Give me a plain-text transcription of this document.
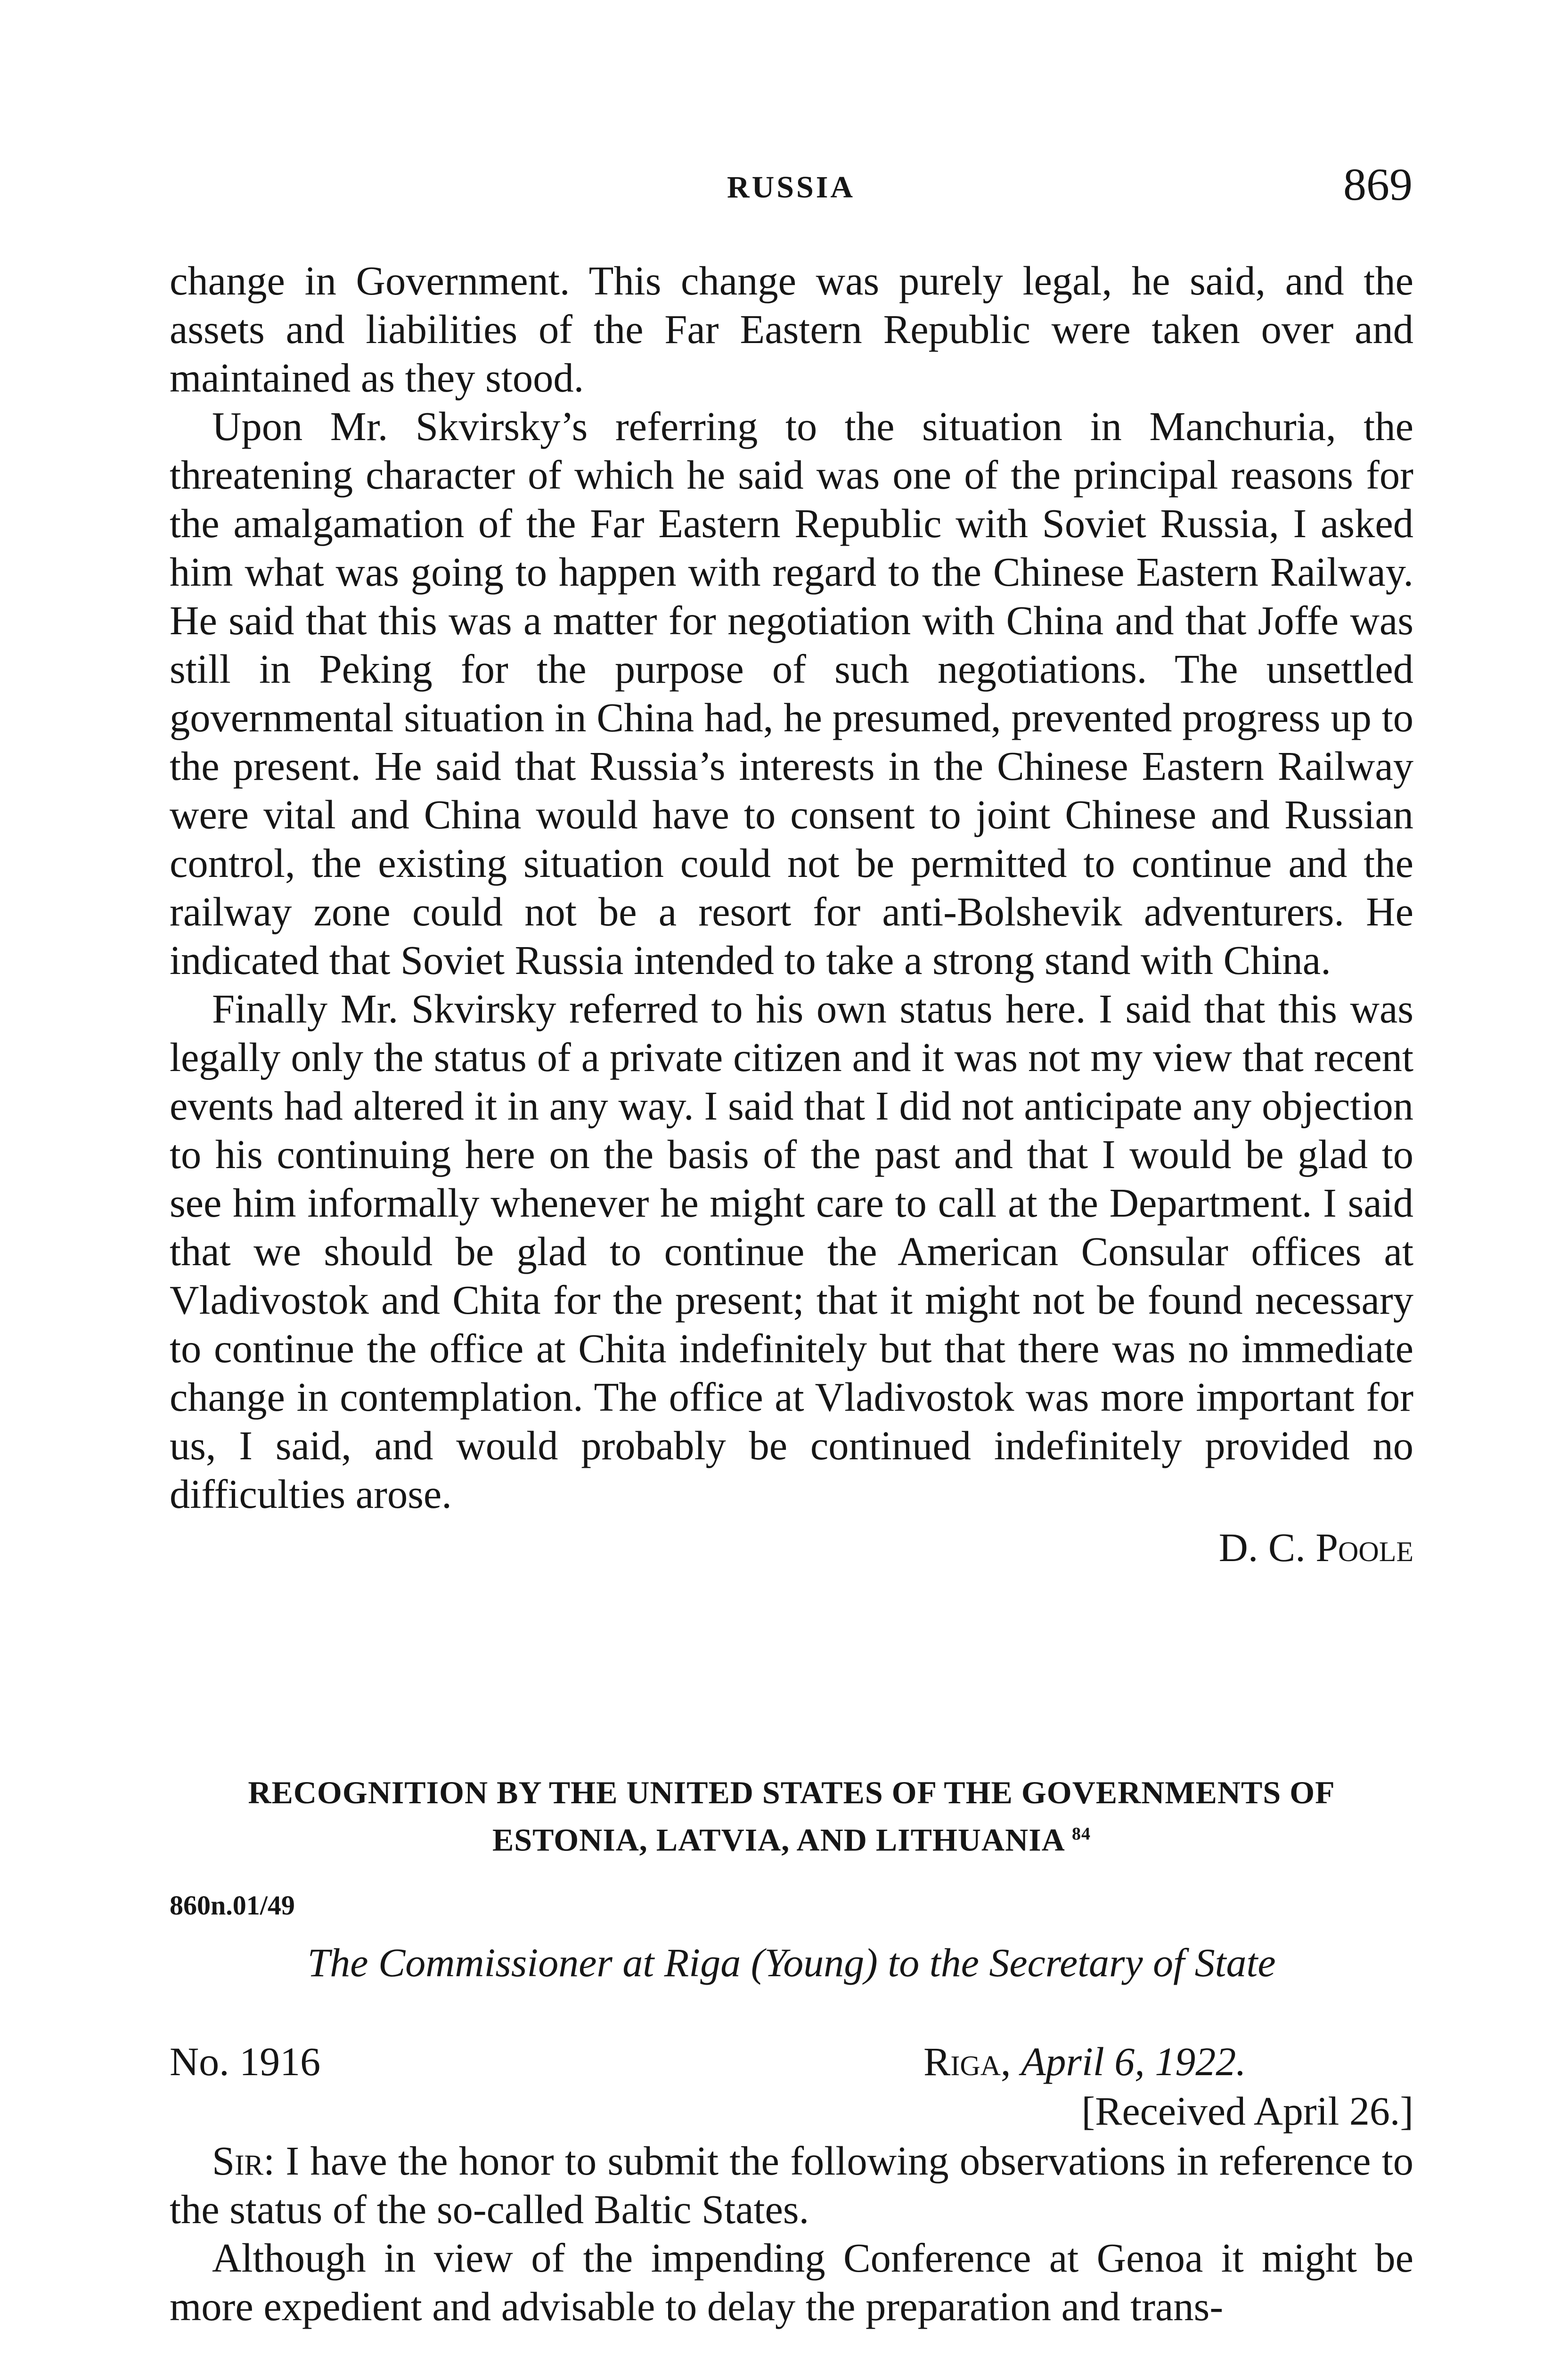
RUSSIA	869

change in Government. This change was purely legal, he said, and the assets and liabilities of the Far Eastern Republic were taken over and maintained as they stood.

Upon Mr. Skvirsky’s referring to the situation in Manchuria, the threatening character of which he said was one of the principal reasons for the amalgamation of the Far Eastern Republic with Soviet Russia, I asked him what was going to happen with regard to the Chinese Eastern Railway. He said that this was a matter for negotiation with China and that Joffe was still in Peking for the purpose of such negotiations. The unsettled governmental situation in China had, he presumed, prevented progress up to the present. He said that Russia’s interests in the Chinese Eastern Railway were vital and China would have to consent to joint Chinese and Russian control, the existing situation could not be permitted to continue and the railway zone could not be a resort for anti-Bolshevik adventurers. He indicated that Soviet Russia intended to take a strong stand with China.

Finally Mr. Skvirsky referred to his own status here. I said that this was legally only the status of a private citizen and it was not my view that recent events had altered it in any way. I said that I did not anticipate any objection to his continuing here on the basis of the past and that I would be glad to see him informally whenever he might care to call at the Department. I said that we should be glad to continue the American Consular offices at Vladivostok and Chita for the present; that it might not be found necessary to continue the office at Chita indefinitely but that there was no immediate change in contemplation. The office at Vladivostok was more important for us, I said, and would probably be continued indefinitely provided no difficulties arose.

D. C. Poole
RECOGNITION BY THE UNITED STATES OF THE GOVERNMENTS OF ESTONIA, LATVIA, AND LITHUANIA $^{84}$
860n.01/49
The Commissioner at Riga (Young) to the Secretary of State
No. 1916	Riga, April 6, 1922.
[Received April 26.]

Sir: I have the honor to submit the following observations in reference to the status of the so-called Baltic States.

Although in view of the impending Conference at Genoa it might be more expedient and advisable to delay the preparation and trans-
